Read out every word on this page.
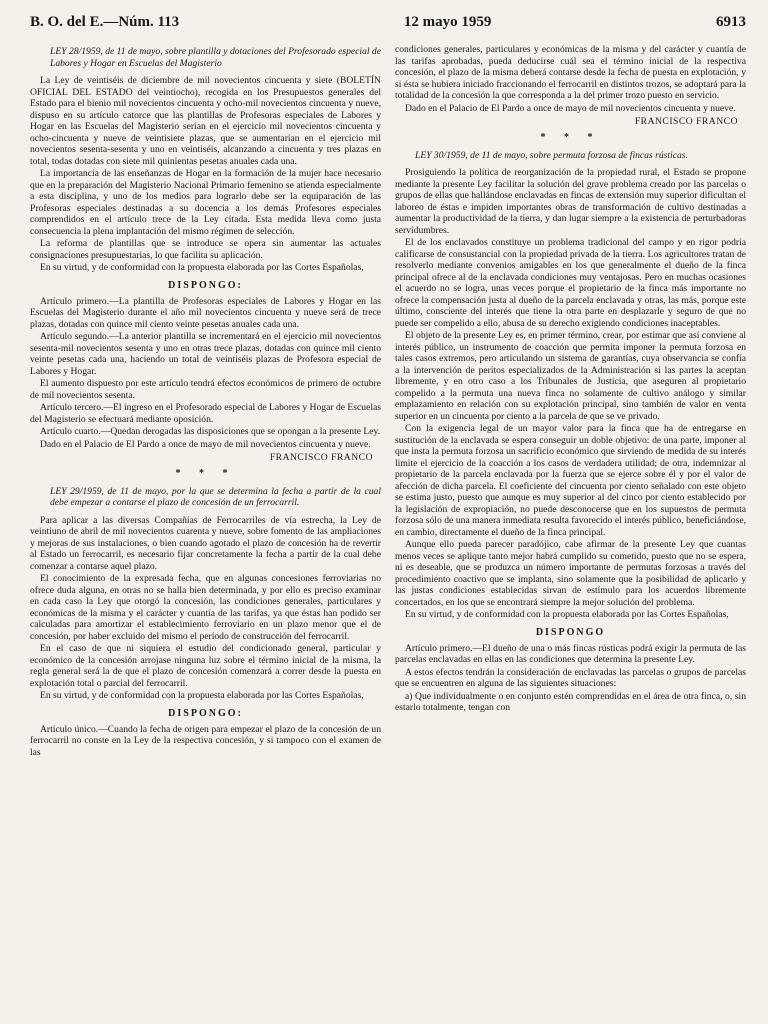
B. O. del E.—Núm. 113	12 mayo 1959	6913

LEY 28/1959, de 11 de mayo, sobre plantilla y dotaciones del Profesorado especial de Labores y Hogar en Escuelas del Magisterio

La Ley de veintiséis de diciembre de mil novecientos cincuenta y siete (BOLETÍN OFICIAL DEL ESTADO del veintiocho), recogida en los Presupuestos generales del Estado para el bienio mil novecientos cincuenta y ocho-mil novecientos cincuenta y nueve, dispuso en su artículo catorce que las plantillas de Profesoras especiales de Labores y Hogar en las Escuelas del Magisterio serían en el ejercicio mil novecientos cincuenta y ocho-cincuenta y nueve de veintisiete plazas, que se aumentarían en el ejercicio mil novecientos sesenta-sesenta y uno en veintiséis, alcanzando a cincuenta y tres plazas en total, todas dotadas con siete mil quinientas pesetas anuales cada una.

La importancia de las enseñanzas de Hogar en la formación de la mujer hace necesario que en la preparación del Magisterio Nacional Primario femenino se atienda especialmente a esta disciplina, y uno de los medios para lograrlo debe ser la equiparación de las Profesoras especiales destinadas a su docencia a los demás Profesores especiales comprendidos en el artículo trece de la Ley citada. Esta medida lleva como justa consecuencia la plena implantación del mismo régimen de selección.

La reforma de plantillas que se introduce se opera sin aumentar las actuales consignaciones presupuestarias, lo que facilita su aplicación.

En su virtud, y de conformidad con la propuesta elaborada por las Cortes Españolas,

DISPONGO:

Artículo primero.—La plantilla de Profesoras especiales de Labores y Hogar en las Escuelas del Magisterio durante el año mil novecientos cincuenta y nueve será de trece plazas, dotadas con quince mil ciento veinte pesetas anuales cada una.

Artículo segundo.—La anterior plantilla se incrementará en el ejercicio mil novecientos sesenta-mil novecientos sesenta y uno en otras trece plazas, dotadas con quince mil ciento veinte pesetas cada una, haciendo un total de veintiséis plazas de Profesora especial de Labores y Hogar.

El aumento dispuesto por este artículo tendrá efectos económicos de primero de octubre de mil novecientos sesenta.

Artículo tercero.—El ingreso en el Profesorado especial de Labores y Hogar de Escuelas del Magisterio se efectuará mediante oposición.

Artículo cuarto.—Quedan derogadas las disposiciones que se opongan a la presente Ley.

Dado en el Palacio de El Pardo a once de mayo de mil novecientos cincuenta y nueve.

FRANCISCO FRANCO

* * *

LEY 29/1959, de 11 de mayo, por la que se determina la fecha a partir de la cual debe empezar a contarse el plazo de concesión de un ferrocarril.

Para aplicar a las diversas Compañías de Ferrocarriles de vía estrecha, la Ley de veintiuno de abril de mil novecientos cuarenta y nueve, sobre fomento de las ampliaciones y mejoras de sus instalaciones, o bien cuando agotado el plazo de concesión ha de revertir al Estado un ferrocarril, es necesario fijar concretamente la fecha a partir de la cual debe comenzar a contarse aquel plazo.

El conocimiento de la expresada fecha, que en algunas concesiones ferroviarias no ofrece duda alguna, en otras no se halla bien determinada, y por ello es preciso examinar en cada caso la Ley que otorgó la concesión, las condiciones generales, particulares y económicas de la misma y el carácter y cuantía de las tarifas, ya que éstas han podido ser calculadas para amortizar el establecimiento ferroviario en un plazo menor que el de concesión, por haber excluido del mismo el período de construcción del ferrocarril.

En el caso de que ni siquiera el estudio del condicionado general, particular y económico de la concesión arrojase ninguna luz sobre el término inicial de la misma, la regla general será la de que el plazo de concesión comenzará a correr desde la puesta en explotación total o parcial del ferrocarril.

En su virtud, y de conformidad con la propuesta elaborada por las Cortes Españolas,

DISPONGO:

Artículo único.—Cuando la fecha de origen para empezar el plazo de la concesión de un ferrocarril no conste en la Ley de la respectiva concesión, y si tampoco con el examen de las

condiciones generales, particulares y económicas de la misma y del carácter y cuantía de las tarifas aprobadas, pueda deducirse cuál sea el término inicial de la respectiva concesión, el plazo de la misma deberá contarse desde la fecha de puesta en explotación, y si ésta se hubiera iniciado fraccionando el ferrocarril en distintos trozos, se adoptará para la totalidad de la concesión la que corresponda a la del primer trozo puesto en servicio.

Dado en el Palacio de El Pardo a once de mayo de mil novecientos cincuenta y nueve.

FRANCISCO FRANCO

* * *

LEY 30/1959, de 11 de mayo, sobre permuta forzosa de fincas rústicas.

Prosiguiendo la política de reorganización de la propiedad rural, el Estado se propone mediante la presente Ley facilitar la solución del grave problema creado por las parcelas o grupos de ellas que hallándose enclavadas en fincas de extensión muy superior dificultan el laboreo de éstas e impiden importantes obras de transformación de cultivo destinadas a aumentar la productividad de la tierra, y dan lugar siempre a la existencia de perturbadoras servidumbres.

El de los enclavados constituye un problema tradicional del campo y en rigor podría calificarse de consustancial con la propiedad privada de la tierra. Los agricultores tratan de resolverlo mediante convenios amigables en los que generalmente el dueño de la finca principal ofrece al de la enclavada condiciones muy ventajosas. Pero en muchas ocasiones el acuerdo no se logra, unas veces porque el propietario de la finca más importante no ofrece la compensación justa al dueño de la parcela enclavada y otras, las más, porque este último, consciente del interés que tiene la otra parte en desplazarle y seguro de que no puede ser compelido a ello, abusa de su derecho exigiendo condiciones inaceptables.

El objeto de la presente Ley es, en primer término, crear, por estimar que así conviene al interés público, un instrumento de coacción que permita imponer la permuta forzosa en tales casos extremos, pero articulando un sistema de garantías, cuya observancia se confía a la intervención de peritos especializados de la Administración si las partes la aceptan libremente, y en otro caso a los Tribunales de Justicia, que aseguren al propietario compelido a la permuta una nueva finca no solamente de cultivo análogo y similar emplazamiento en relación con su explotación principal, sino también de valor en venta superior en un cincuenta por ciento a la parcela de que se ve privado.

Con la exigencia legal de un mayor valor para la finca que ha de entregarse en sustitución de la enclavada se espera conseguir un doble objetivo: de una parte, imponer al que insta la permuta forzosa un sacrificio económico que sirviendo de medida de su interés limite el ejercicio de la coacción a los casos de verdadera utilidad; de otra, indemnizar al propietario de la parcela enclavada por la fuerza que se ejerce sobre él y por el valor de afección de dicha parcela. El coeficiente del cincuenta por ciento señalado con este objeto se estima justo, puesto que aunque es muy superior al del cinco por ciento establecido por la legislación de expropiación, no puede desconocerse que en los supuestos de permuta forzosa sólo de una manera inmediata resulta favorecido el interés público, beneficiándose, en cambio, directamente el dueño de la finca principal.

Aunque ello pueda parecer paradójico, cabe afirmar de la presente Ley que cuantas menos veces se aplique tanto mejor habrá cumplido su cometido, puesto que no se espera, ni es deseable, que se produzca un número importante de permutas forzosas a través del procedimiento coactivo que se implanta, sino solamente que la posibilidad de aplicarlo y las justas condiciones establecidas sirvan de estímulo para los acuerdos libremente concertados, en los que se encontrará siempre la mejor solución del problema.

En su virtud, y de conformidad con la propuesta elaborada por las Cortes Españolas,

DISPONGO

Artículo primero.—El dueño de una o más fincas rústicas podrá exigir la permuta de las parcelas enclavadas en ellas en las condiciones que determina la presente Ley.

A estos efectos tendrán la consideración de enclavadas las parcelas o grupos de parcelas que se encuentren en alguna de las siguientes situaciones:

a) Que individualmente o en conjunto estén comprendidas en el área de otra finca, o, sin estarlo totalmente, tengan con
